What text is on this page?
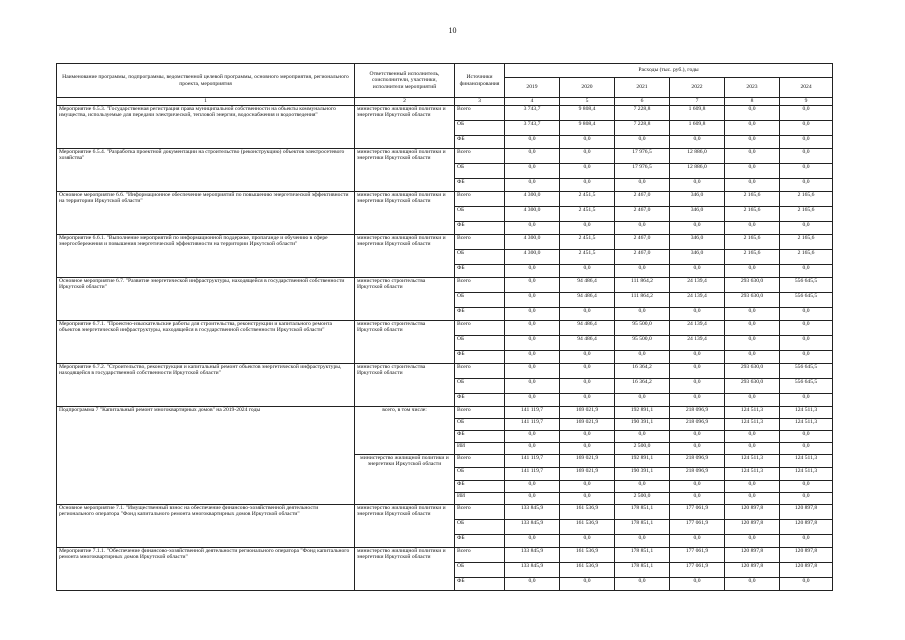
10
Наименование программы, подпрограммы, ведомственной целевой программы, основного мероприятия, регионального проекта, мероприятия	Ответственный исполнитель, соисполнители, участники, исполнители мероприятий	Источники финансирования	Расходы (тыс. руб.), годы					
			2019	2020	2021	2022	2023	2024
1	2	3	4	5	6	7	8	9
Мероприятие 6.5.3. "Государственная регистрация права муниципальной собственности на объекты коммунального имущества, используемые для передачи электрической, тепловой энергии, водоснабжения и водоотведения"	министерство жилищной политики и энергетики Иркутской области	Всего	3 743,7	9 808,4	7 228,8	1 609,8	0,0	0,0
		ОБ	3 743,7	9 808,4	7 228,8	1 609,8	0,0	0,0
		ФБ	0,0	0,0	0,0	0,0	0,0	0,0
Мероприятие 6.5.4. "Разработка проектной документации на строительство (реконструкцию) объектов электросетевого хозяйства"	министерство жилищной политики и энергетики Иркутской области	Всего	0,0	0,0	17 976,5	12 886,0	0,0	0,0
		ОБ	0,0	0,0	17 976,5	12 886,0	0,0	0,0
		ФБ	0,0	0,0	0,0	0,0	0,0	0,0
Основное мероприятие 6.6. "Информационное обеспечение мероприятий по повышению энергетической эффективности на территории Иркутской области"	министерство жилищной политики и энергетики Иркутской области	Всего	4 300,0	2 451,5	2 467,0	346,0	2 165,6	2 165,6
		ОБ	4 300,0	2 451,5	2 467,0	346,0	2 165,6	2 165,6
		ФБ	0,0	0,0	0,0	0,0	0,0	0,0
Мероприятие 6.6.1. "Выполнение мероприятий по информационной поддержке, пропаганде и обучению в сфере энергосбережения и повышения энергетической эффективности на территории Иркутской области"	министерство жилищной политики и энергетики Иркутской области	Всего	4 300,0	2 451,5	2 467,0	346,0	2 165,6	2 165,6
		ОБ	4 300,0	2 451,5	2 467,0	346,0	2 165,6	2 165,6
		ФБ	0,0	0,0	0,0	0,0	0,0	0,0
Основное мероприятие 6.7. "Развитие энергетической инфраструктуры, находящейся в государственной собственности Иркутской области"	министерство строительства Иркутской области	Всего	0,0	94 486,4	111 864,2	24 139,4	293 630,0	556 645,5
		ОБ	0,0	94 486,4	111 864,2	24 139,4	293 630,0	556 645,5
		ФБ	0,0	0,0	0,0	0,0	0,0	0,0
Мероприятие 6.7.1. "Проектно-изыскательские работы для строительства, реконструкции и капитального ремонта объектов энергетической инфраструктуры, находящейся в государственной собственности Иркутской области"	министерство строительства Иркутской области	Всего	0,0	94 486,4	95 500,0	24 139,4	0,0	0,0
		ОБ	0,0	94 486,4	95 500,0	24 139,4	0,0	0,0
		ФБ	0,0	0,0	0,0	0,0	0,0	0,0
Мероприятие 6.7.2. "Строительство, реконструкция и капитальный ремонт объектов энергетической инфраструктуры, находящейся в государственной собственности Иркутской области"	министерство строительства Иркутской области	Всего	0,0	0,0	16 364,2	0,0	293 630,0	556 645,5
		ОБ	0,0	0,0	16 364,2	0,0	293 630,0	556 645,5
		ФБ	0,0	0,0	0,0	0,0	0,0	0,0
Подпрограмма 7 "Капитальный ремонт многоквартирных домов" на 2019-2024 годы	всего, в том числе:	Всего	141 119,7	169 021,9	192 891,1	218 096,9	124 511,3	124 511,3
		ОБ	141 119,7	169 021,9	190 391,1	218 096,9	124 511,3	124 511,3
		ФБ	0,0	0,0	0,0	0,0	0,0	0,0
		ИИ	0,0	0,0	2 500,0	0,0	0,0	0,0
	министерство жилищной политики и энергетики Иркутской области	Всего	141 119,7	169 021,9	192 891,1	218 096,9	124 511,3	124 511,3
		ОБ	141 119,7	169 021,9	190 391,1	218 096,9	124 511,3	124 511,3
		ФБ	0,0	0,0	0,0	0,0	0,0	0,0
		ИИ	0,0	0,0	2 500,0	0,0	0,0	0,0
Основное мероприятие 7.1. "Имущественный взнос на обеспечение финансово-хозяйственной деятельности регионального оператора "Фонд капитального ремонта многоквартирных домов Иркутской области"	министерство жилищной политики и энергетики Иркутской области	Всего	133 845,9	161 536,9	178 851,1	177 061,9	120 897,8	120 897,8
		ОБ	133 845,9	161 536,9	178 851,1	177 061,9	120 897,8	120 897,8
		ФБ	0,0	0,0	0,0	0,0	0,0	0,0
Мероприятие 7.1.1. "Обеспечение финансово-хозяйственной деятельности регионального оператора "Фонд капитального ремонта многоквартирных домов Иркутской области"	министерство жилищной политики и энергетики Иркутской области	Всего	133 845,9	161 536,9	178 851,1	177 061,9	120 897,8	120 897,8
		ОБ	133 845,9	161 536,9	178 851,1	177 061,9	120 897,8	120 897,8
		ФБ	0,0	0,0	0,0	0,0	0,0	0,0
